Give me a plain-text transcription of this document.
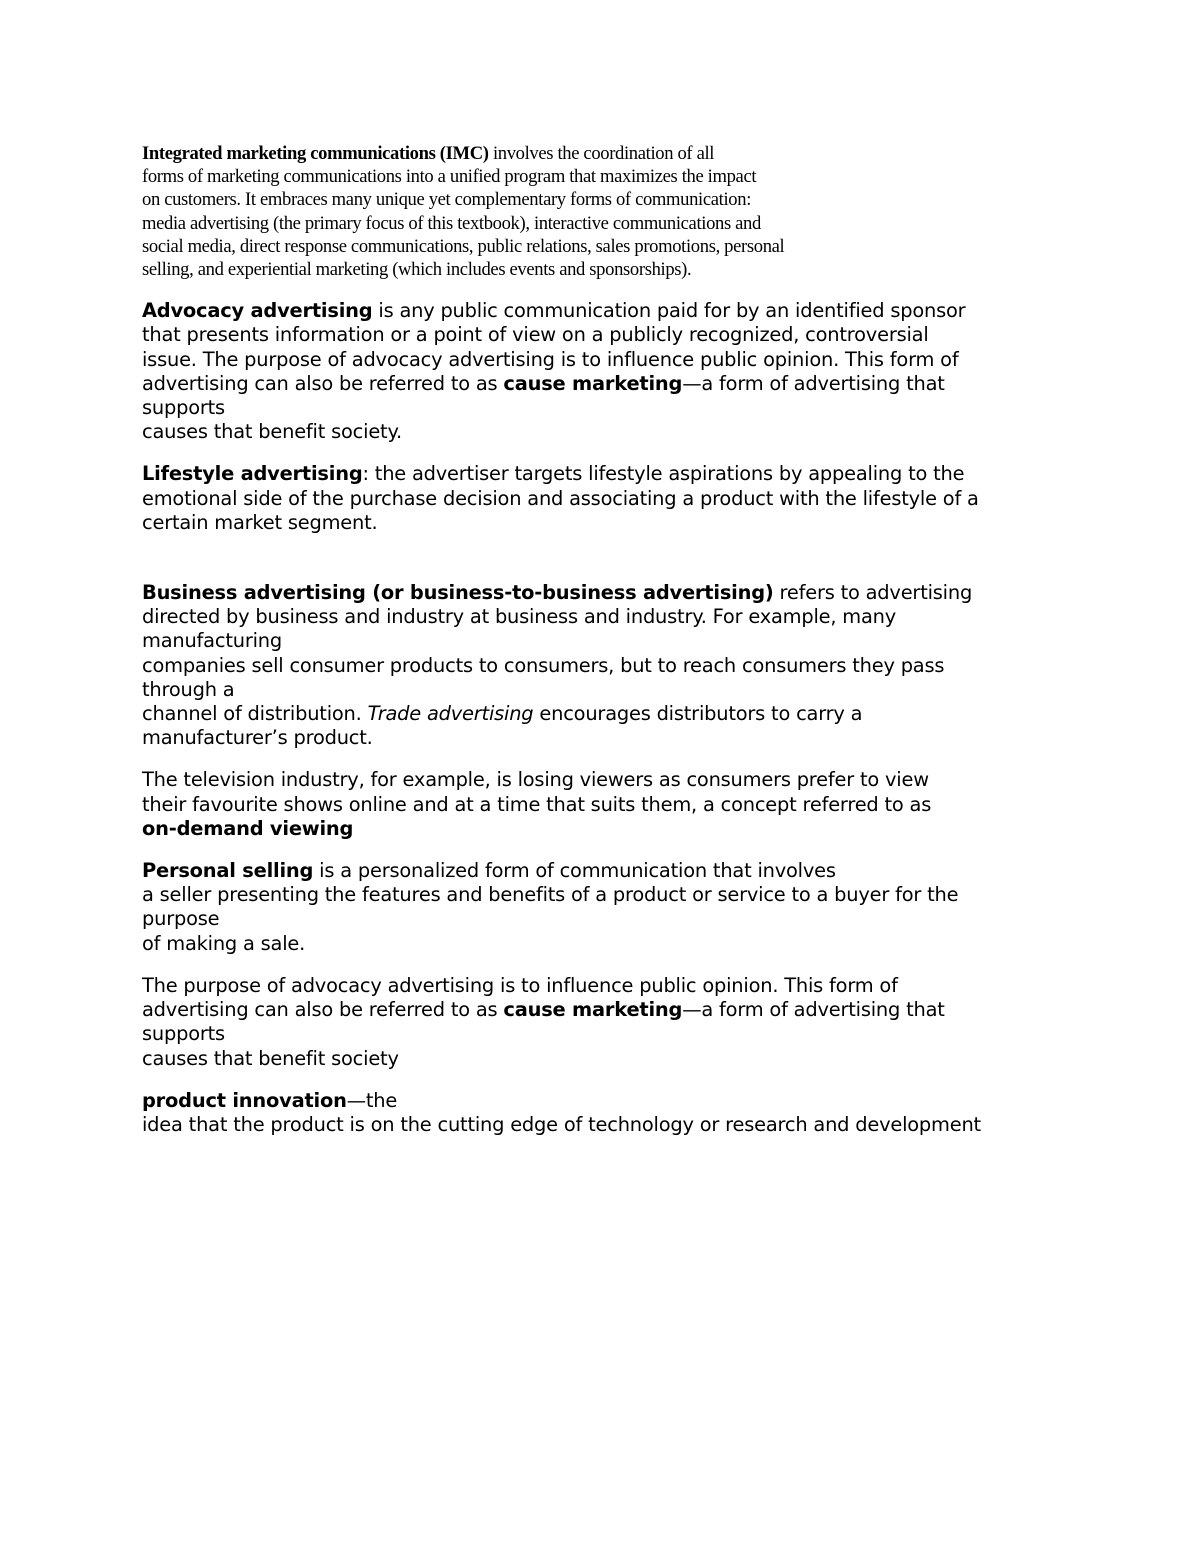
Integrated marketing communications (IMC) involves the coordination of all
forms of marketing communications into a unified program that maximizes the impact
on customers. It embraces many unique yet complementary forms of communication:
media advertising (the primary focus of this textbook), interactive communications and
social media, direct response communications, public relations, sales promotions, personal
selling, and experiential marketing (which includes events and sponsorships).

Advocacy advertising is any public communication paid for by an identified sponsor
that presents information or a point of view on a publicly recognized, controversial
issue. The purpose of advocacy advertising is to influence public opinion. This form of
advertising can also be referred to as cause marketing—a form of advertising that
supports
causes that benefit society.

Lifestyle advertising: the advertiser targets lifestyle aspirations by appealing to the
emotional side of the purchase decision and associating a product with the lifestyle of a
certain market segment.

Business advertising (or business-to-business advertising) refers to advertising
directed by business and industry at business and industry. For example, many
manufacturing
companies sell consumer products to consumers, but to reach consumers they pass
through a
channel of distribution. Trade advertising encourages distributors to carry a
manufacturer’s product.

The television industry, for example, is losing viewers as consumers prefer to view
their favourite shows online and at a time that suits them, a concept referred to as
on-demand viewing

Personal selling is a personalized form of communication that involves
a seller presenting the features and benefits of a product or service to a buyer for the
purpose
of making a sale.

The purpose of advocacy advertising is to influence public opinion. This form of
advertising can also be referred to as cause marketing—a form of advertising that
supports
causes that benefit society

product innovation—the
idea that the product is on the cutting edge of technology or research and development
